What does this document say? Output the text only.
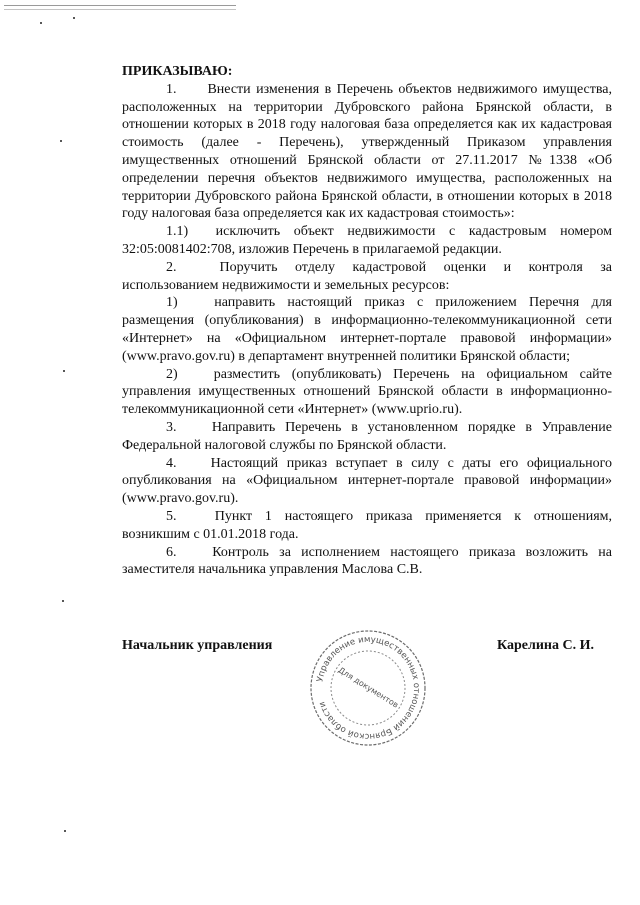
ПРИКАЗЫВАЮ:

1. Внести изменения в Перечень объектов недвижимого имущества, расположенных на территории Дубровского района Брянской области, в отношении которых в 2018 году налоговая база определяется как их кадастровая стоимость (далее - Перечень), утвержденный Приказом управления имущественных отношений Брянской области от 27.11.2017 №1338 «Об определении перечня объектов недвижимого имущества, расположенных на территории Дубровского района Брянской области, в отношении которых в 2018 году налоговая база определяется как их кадастровая стоимость»:

1.1) исключить объект недвижимости с кадастровым номером 32:05:0081402:708, изложив Перечень в прилагаемой редакции.

2.	Поручить отделу кадастровой оценки и контроля за использованием недвижимости и земельных ресурсов:

1)	направить настоящий приказ с приложением Перечня для размещения (опубликования) в информационно-телекоммуникационной сети «Интернет» на «Официальном интернет-портале правовой информации» (www.pravo.gov.ru) в департамент внутренней политики Брянской области;

2)	разместить (опубликовать) Перечень на официальном сайте управления имущественных отношений Брянской области в информационно-телекоммуникационной сети «Интернет» (www.uprio.ru).

3.	Направить Перечень в установленном порядке в Управление Федеральной налоговой службы по Брянской области.

4. Настоящий приказ вступает в силу с даты его официального опубликования на «Официальном интернет-портале правовой информации» (www.pravo.gov.ru).

5.	Пункт 1 настоящего приказа применяется к отношениям, возникшим с 01.01.2018 года.

6.	Контроль за исполнением настоящего приказа возложить на заместителя начальника управления Маслова С.В.

Начальник управления	Карелина С. И.
Управление имущественных отношений Брянской области	Для документов
